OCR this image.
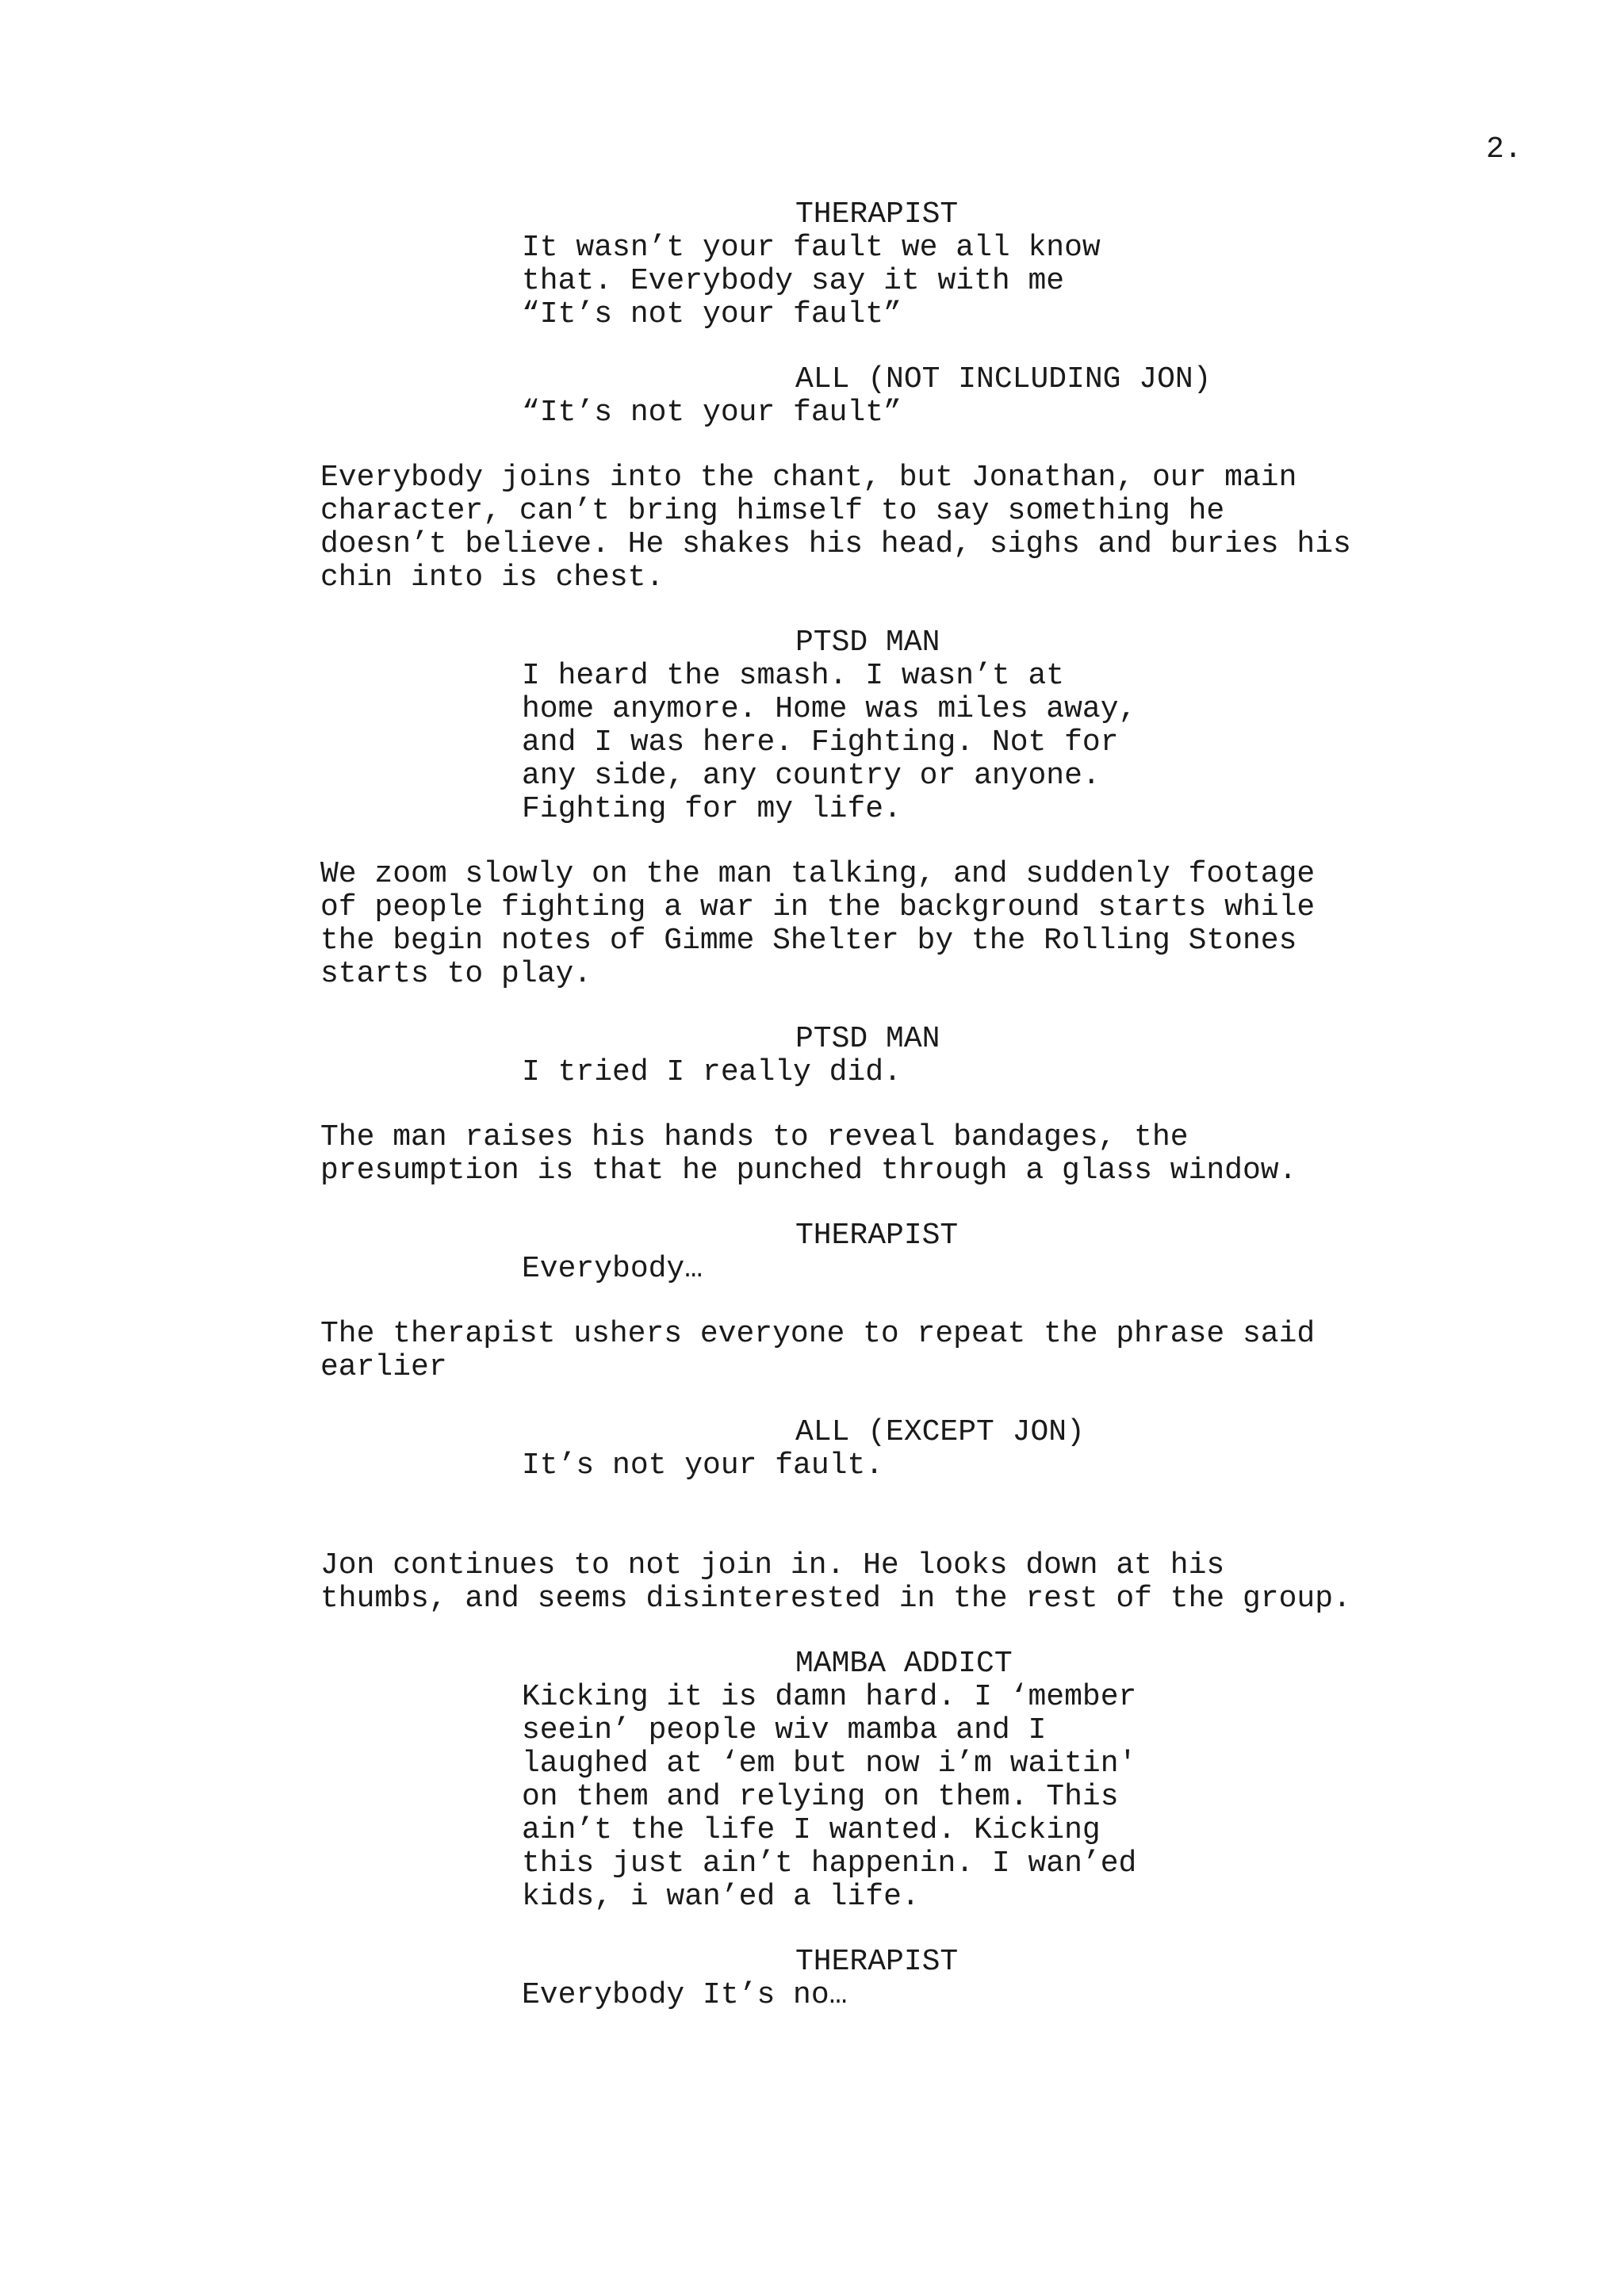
2.
THERAPIST
It wasn’t your fault we all know
that. Everybody say it with me
“It’s not your fault”
ALL (NOT INCLUDING JON)
“It’s not your fault”
Everybody joins into the chant, but Jonathan, our main
character, can’t bring himself to say something he
doesn’t believe. He shakes his head, sighs and buries his
chin into is chest.
PTSD MAN
I heard the smash. I wasn’t at
home anymore. Home was miles away,
and I was here. Fighting. Not for
any side, any country or anyone.
Fighting for my life.
We zoom slowly on the man talking, and suddenly footage
of people fighting a war in the background starts while
the begin notes of Gimme Shelter by the Rolling Stones
starts to play.
PTSD MAN
I tried I really did.
The man raises his hands to reveal bandages, the
presumption is that he punched through a glass window.
THERAPIST
Everybody…
The therapist ushers everyone to repeat the phrase said
earlier
ALL (EXCEPT JON)
It’s not your fault.
Jon continues to not join in. He looks down at his
thumbs, and seems disinterested in the rest of the group.
MAMBA ADDICT
Kicking it is damn hard. I ‘member
seein’ people wiv mamba and I
laughed at ‘em but now i’m waitin'
on them and relying on them. This
ain’t the life I wanted. Kicking
this just ain’t happenin. I wan’ed
kids, i wan’ed a life.
THERAPIST
Everybody It’s no…
